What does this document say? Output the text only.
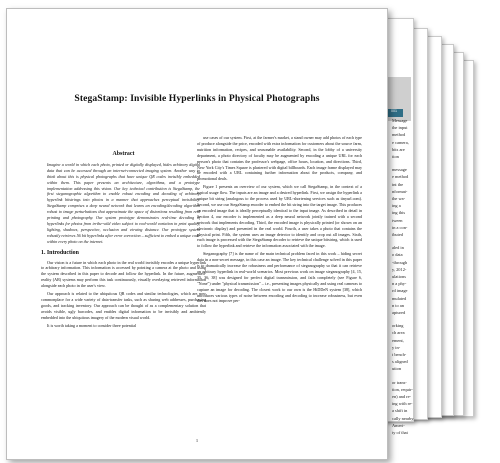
001
Message
the input
method
e camera,
bits are
tion
message
e method
int the
nformat-
the wa-
ing a
ing this
tween
in a con-
ibuted
aled in
o data
-through
y, 2012-
ulations
n a phy-
rd image
mulated
n to an
aptured
orking
ch area
ement,
y in-
t bench-
s aligned
ution
or trans-
tion, requir-
en) and re-
ing with re-
a shift in
cally nearby
Ameri-
ty of that
StegaStamp: Invisible Hyperlinks in Physical Photographs
Abstract
Imagine a world in which each photo, printed or digitally displayed, hides arbitrary digital data that can be accessed through an internet-connected imaging system. Another way to think about this is physical photographs that have unique QR codes invisibly embedded within them. This paper presents an architecture, algorithms, and a prototype implementation addressing this vision. Our key technical contribution is StegaStamp, the first steganographic algorithm to enable robust encoding and decoding of arbitrary hyperlink bitstrings into photos in a manner that approaches perceptual invisibility. StegaStamp comprises a deep neural network that learns an encoding/decoding algorithm robust to image perturbations that approximate the space of distortions resulting from real printing and photography. Our system prototype demonstrates real-time decoding of hyperlinks for photos from in-the-wild video subject to real-world variation in print quality, lighting, shadows, perspective, occlusion and viewing distance. Our prototype system robustly retrieves 56 bit hyperlinks after error correction – sufficient to embed a unique code within every photo on the internet.
1. Introduction
Our vision is a future in which each photo in the real world invisibly encodes a unique hyperlink to arbitrary information. This information is accessed by pointing a camera at the photo and using the system described in this paper to decode and follow the hyperlink. In the future, augmented-reality (AR) systems may perform this task continuously, visually overlaying retrieved information alongside each photo in the user's view.
Our approach is related to the ubiquitous QR codes and similar technologies, which are now commonplace for a wide variety of data-transfer tasks, such as sharing web addresses, purchasing goods, and tracking inventory. Our approach can be thought of as a complementary solution that avoids visible, ugly barcodes, and enables digital information to be invisibly and ambiently embedded into the ubiquitous imagery of the modern visual world.
It is worth taking a moment to consider three potential
use cases of our system. First, at the farmer's market, a stand owner may add photos of each type of produce alongside the price, encoded with extra information for customers about the source farm, nutrition information, recipes, and seasonable availability. Second, in the lobby of a university department, a photo directory of faculty may be augmented by encoding a unique URL for each person's photo that contains the professor's webpage, office hours, location, and directions. Third, New York City's Times Square is plastered with digital billboards. Each image frame displayed may be encoded with a URL containing further information about the products, company, and promotional deals.
Figure 1 presents an overview of our system, which we call StegaStamp, in the context of a typical usage flow. The inputs are an image and a desired hyperlink. First, we assign the hyperlink a unique bit string (analogous to the process used by URL-shortening services such as tinyurl.com). Second, we use our StegaStamp encoder to embed the bit string into the target image. This produces an encoded image that is ideally perceptually identical to the input image. As described in detail in Section 4, our encoder is implemented as a deep neural network jointly trained with a second network that implements decoding. Third, the encoded image is physically printed (or shown on an electronic display) and presented in the real world. Fourth, a user takes a photo that contains the physical print. Fifth, the system uses an image detector to identify and crop out all images. Sixth, each image is processed with the StegaStamp decoder to retrieve the unique bitstring, which is used to follow the hyperlink and retrieve the information associated with the image.
Steganography [7] is the name of the main technical problem faced in this work – hiding secret data in a non-secret message, in this case an image. The key technical challenge solved in this paper is to dramatically increase the robustness and performance of steganography so that it can retrieve an arbitrary hyperlink in real-world scenarios. Most previous work on image steganography [4, 15, 35, 36, 38] was designed for perfect digital transmission, and fails completely (see Figure 6, "None") under "physical transmission" – i.e., presenting images physically and using real cameras to capture an image for decoding. The closest work to our own is the HiDDeN system [38], which introduces various types of noise between encoding and decoding to increase robustness, but even this does not improve per-
1
